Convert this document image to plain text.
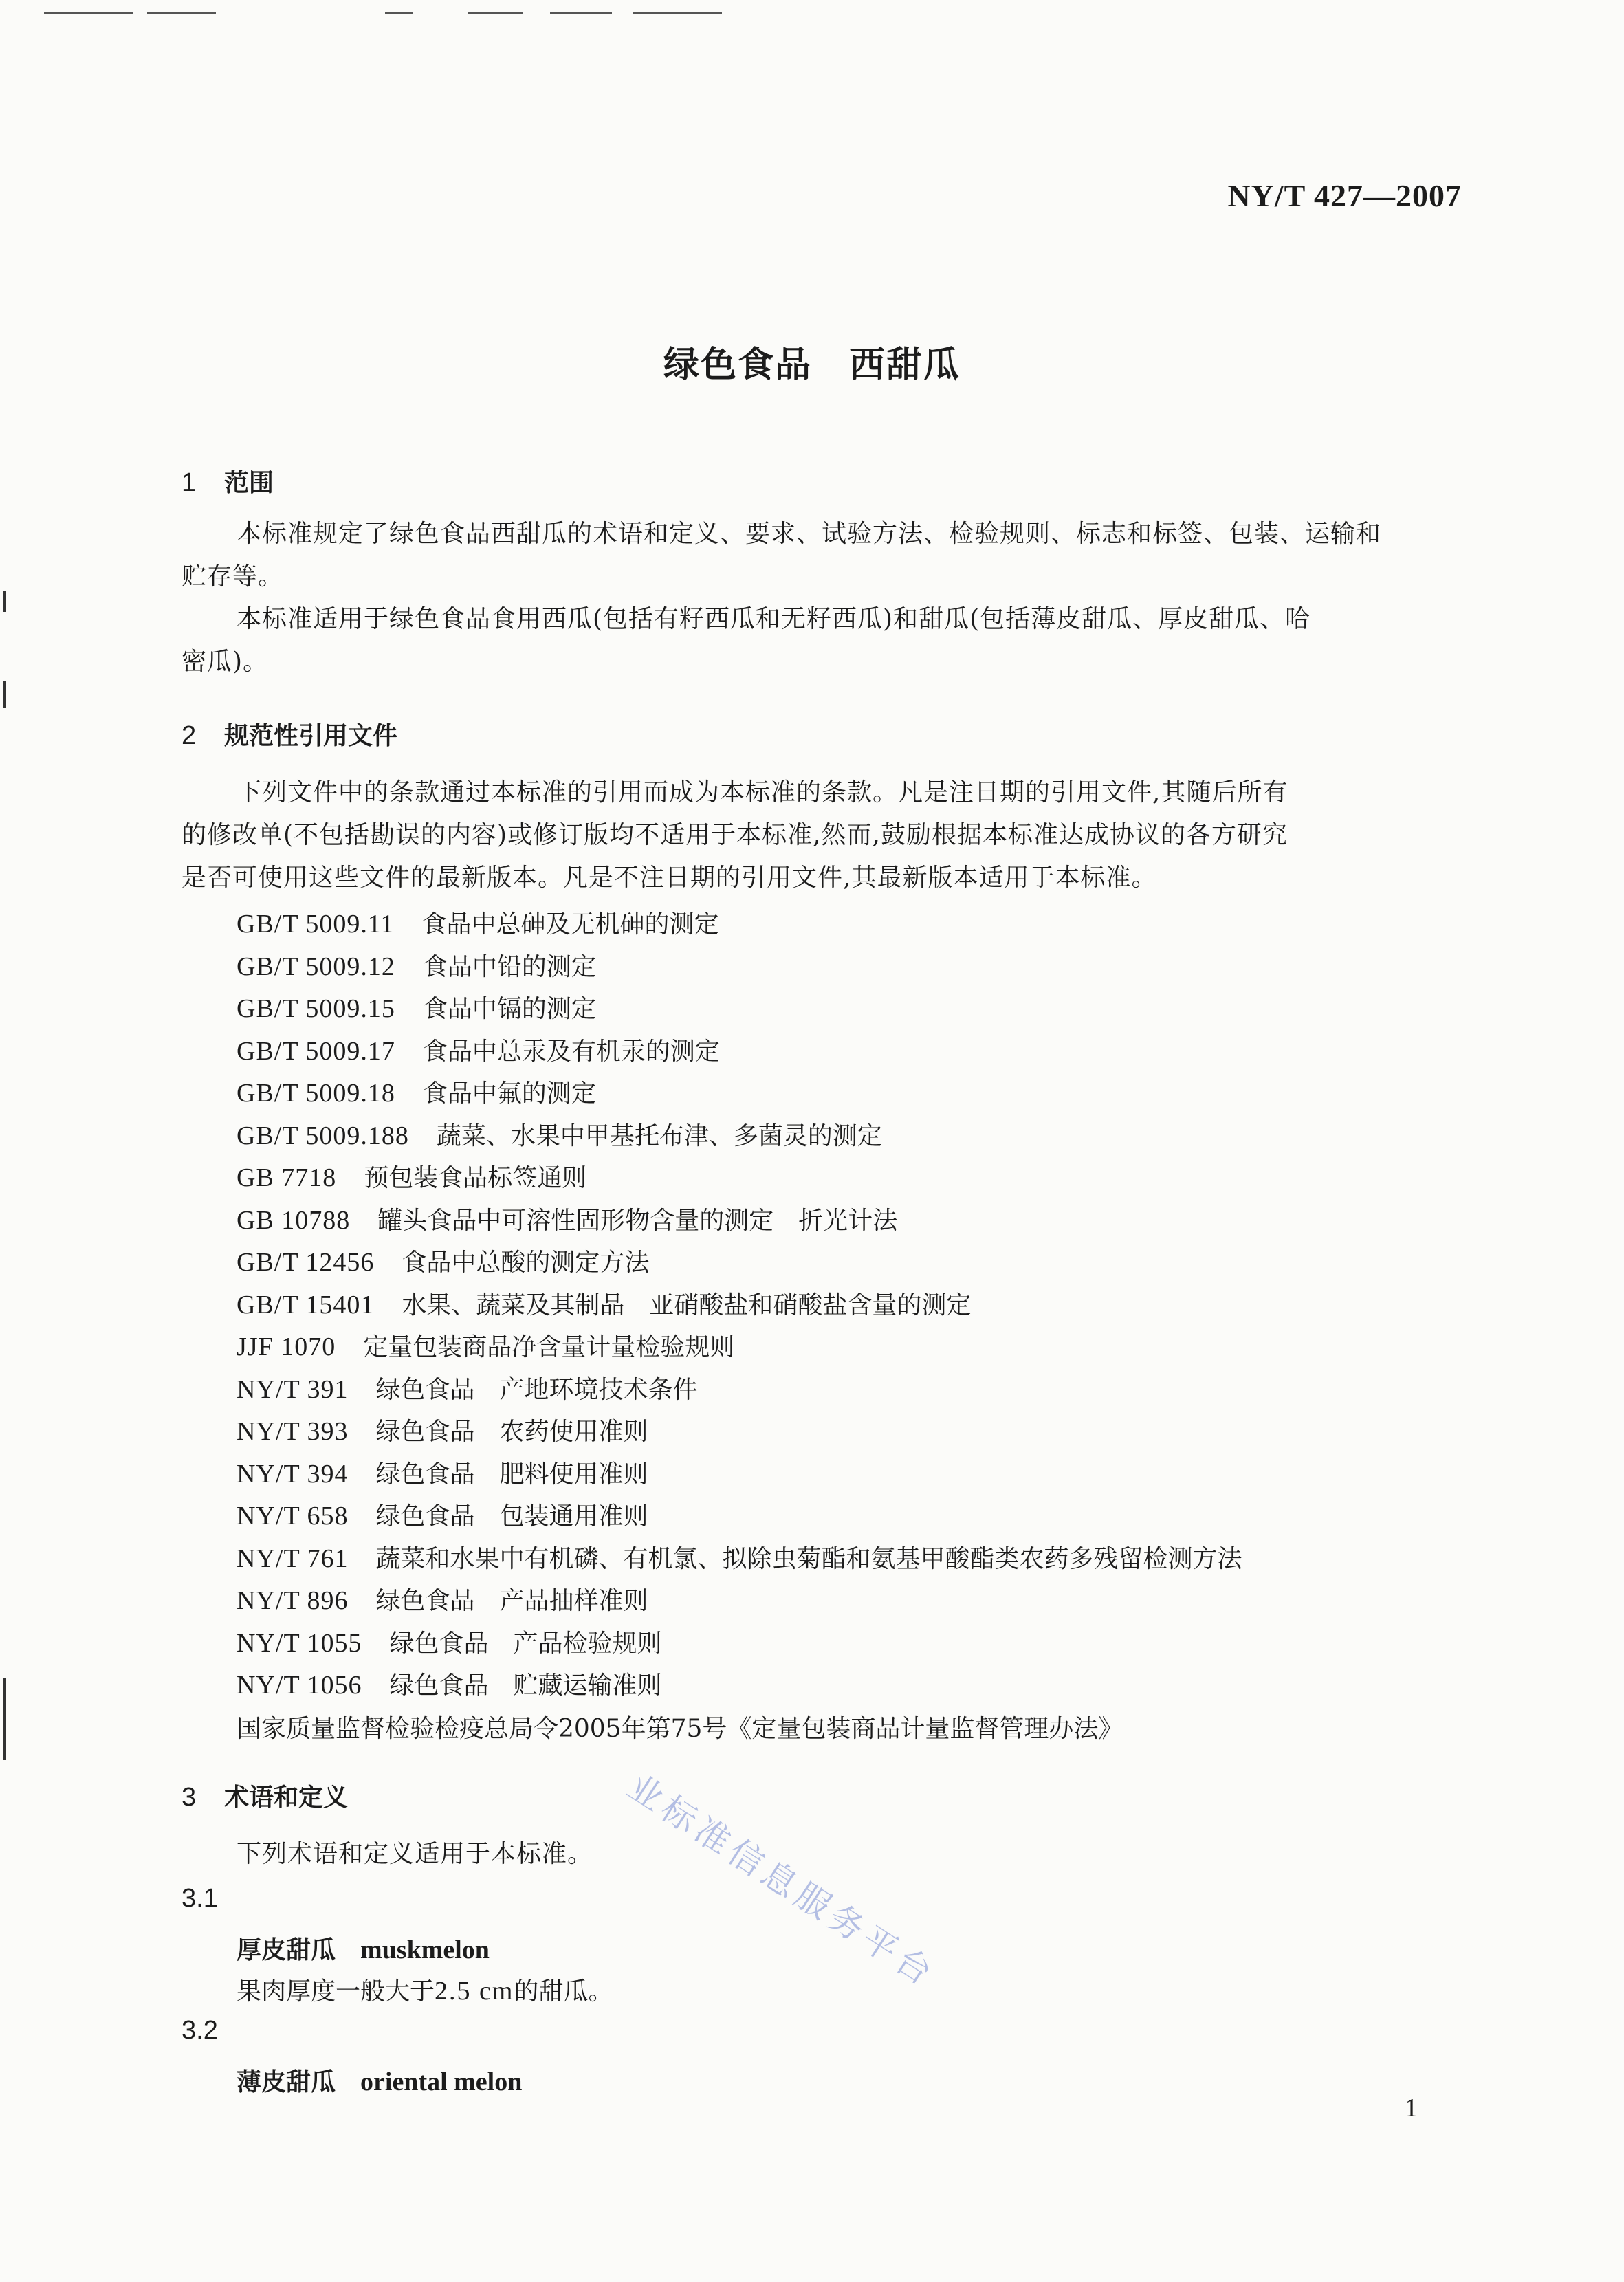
NY/T 427—2007
绿色食品　西甜瓜
1 范围
本标准规定了绿色食品西甜瓜的术语和定义、要求、试验方法、检验规则、标志和标签、包装、运输和
贮存等。
本标准适用于绿色食品食用西瓜(包括有籽西瓜和无籽西瓜)和甜瓜(包括薄皮甜瓜、厚皮甜瓜、哈
密瓜)。
2 规范性引用文件
下列文件中的条款通过本标准的引用而成为本标准的条款。凡是注日期的引用文件,其随后所有
的修改单(不包括勘误的内容)或修订版均不适用于本标准,然而,鼓励根据本标准达成协议的各方研究
是否可使用这些文件的最新版本。凡是不注日期的引用文件,其最新版本适用于本标准。
GB/T 5009.11 食品中总砷及无机砷的测定
GB/T 5009.12 食品中铅的测定
GB/T 5009.15 食品中镉的测定
GB/T 5009.17 食品中总汞及有机汞的测定
GB/T 5009.18 食品中氟的测定
GB/T 5009.188 蔬菜、水果中甲基托布津、多菌灵的测定
GB 7718 预包装食品标签通则
GB 10788 罐头食品中可溶性固形物含量的测定　折光计法
GB/T 12456 食品中总酸的测定方法
GB/T 15401 水果、蔬菜及其制品　亚硝酸盐和硝酸盐含量的测定
JJF 1070 定量包装商品净含量计量检验规则
NY/T 391 绿色食品　产地环境技术条件
NY/T 393 绿色食品　农药使用准则
NY/T 394 绿色食品　肥料使用准则
NY/T 658 绿色食品　包装通用准则
NY/T 761 蔬菜和水果中有机磷、有机氯、拟除虫菊酯和氨基甲酸酯类农药多残留检测方法
NY/T 896 绿色食品　产品抽样准则
NY/T 1055 绿色食品　产品检验规则
NY/T 1056 绿色食品　贮藏运输准则
国家质量监督检验检疫总局令2005年第75号《定量包装商品计量监督管理办法》
3 术语和定义
下列术语和定义适用于本标准。
3.1
厚皮甜瓜 muskmelon
果肉厚度一般大于2.5 cm的甜瓜。
3.2
薄皮甜瓜 oriental melon
业标准信息服务平台
1
